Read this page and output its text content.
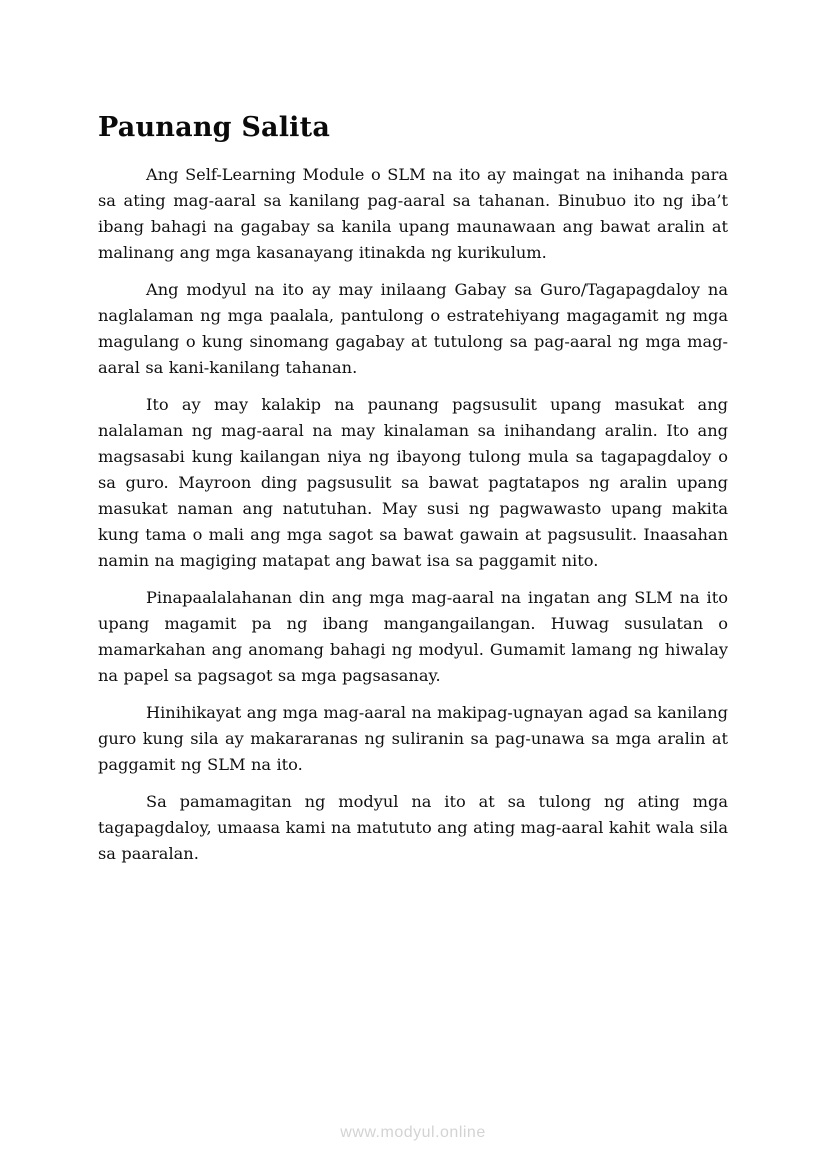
Paunang Salita

Ang Self-Learning Module o SLM na ito ay maingat na inihanda para sa ating mag-aaral sa kanilang pag-aaral sa tahanan. Binubuo ito ng iba’t ibang bahagi na gagabay sa kanila upang maunawaan ang bawat aralin at malinang ang mga kasanayang itinakda ng kurikulum.

Ang modyul na ito ay may inilaang Gabay sa Guro/Tagapagdaloy na naglalaman ng mga paalala, pantulong o estratehiyang magagamit ng mga magulang o kung sinomang gagabay at tutulong sa pag-aaral ng mga mag-aaral sa kani-kanilang tahanan.

Ito ay may kalakip na paunang pagsusulit upang masukat ang nalalaman ng mag-aaral na may kinalaman sa inihandang aralin. Ito ang magsasabi kung kailangan niya ng ibayong tulong mula sa tagapagdaloy o sa guro. Mayroon ding pagsusulit sa bawat pagtatapos ng aralin upang masukat naman ang natutuhan. May susi ng pagwawasto upang makita kung tama o mali ang mga sagot sa bawat gawain at pagsusulit. Inaasahan namin na magiging matapat ang bawat isa sa paggamit nito.

Pinapaalalahanan din ang mga mag-aaral na ingatan ang SLM na ito upang magamit pa ng ibang mangangailangan. Huwag susulatan o mamarkahan ang anomang bahagi ng modyul. Gumamit lamang ng hiwalay na papel sa pagsagot sa mga pagsasanay.

Hinihikayat ang mga mag-aaral na makipag-ugnayan agad sa kanilang guro kung sila ay makararanas ng suliranin sa pag-unawa sa mga aralin at paggamit ng SLM na ito.

Sa pamamagitan ng modyul na ito at sa tulong ng ating mga tagapagdaloy, umaasa kami na matututo ang ating mag-aaral kahit wala sila sa paaralan.

www.modyul.online
